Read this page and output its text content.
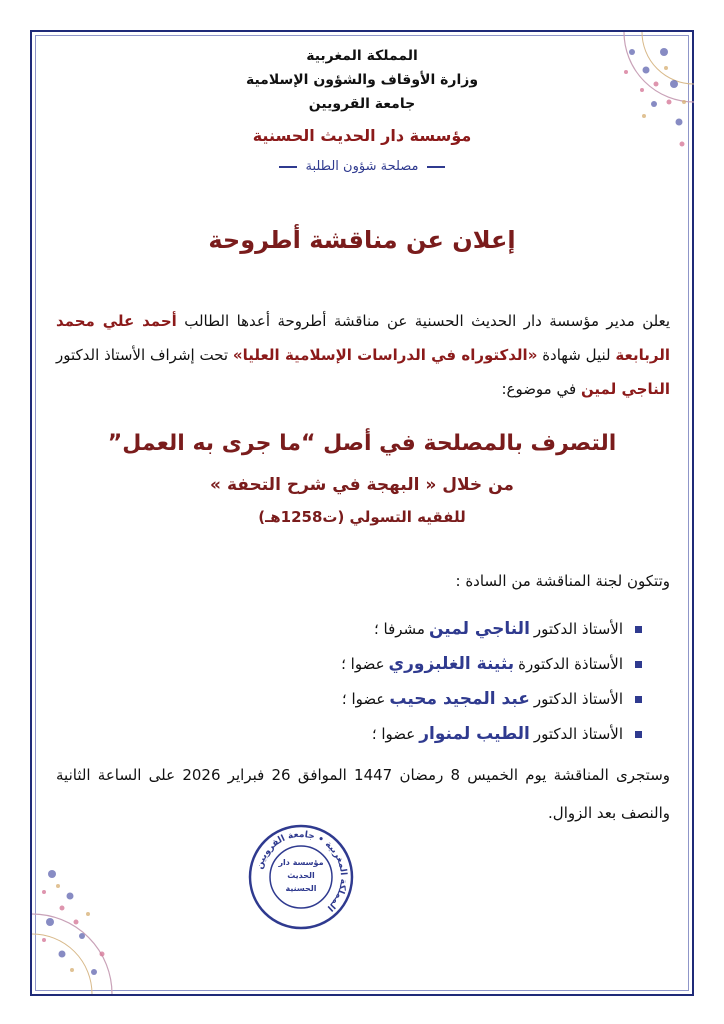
المملكة المغربية
وزارة الأوقاف والشؤون الإسلامية
جامعة القرويين
مؤسسة دار الحديث الحسنية
مصلحة شؤون الطلبة
إعلان عن مناقشة أطروحة
يعلن مدير مؤسسة دار الحديث الحسنية عن مناقشة أطروحة أعدها الطالب أحمد علي محمد الربابعة لنيل شهادة «الدكتوراه في الدراسات الإسلامية العليا» تحت إشراف الأستاذ الدكتور الناجي لمين في موضوع:
التصرف بالمصلحة في أصل “ما جرى به العمل”
من خلال « البهجة في شرح التحفة »
للفقيه التسولي (ت1258هـ)
وتتكون لجنة المناقشة من السادة :
الأستاذ الدكتور
الناجي لمين
مشرفا ؛
الأستاذة الدكتورة
بثينة الغلبزوري
عضوا ؛
الأستاذ الدكتور
عبد المجيد محيب
عضوا ؛
الأستاذ الدكتور
الطيب لمنوار
عضوا ؛
وستجرى المناقشة يوم الخميس 8 رمضان 1447 الموافق 26 فبراير 2026 على الساعة الثانية والنصف بعد الزوال.
المملكة المغربية • جامعة القرويين
مؤسسة دار الحديث الحسنية
